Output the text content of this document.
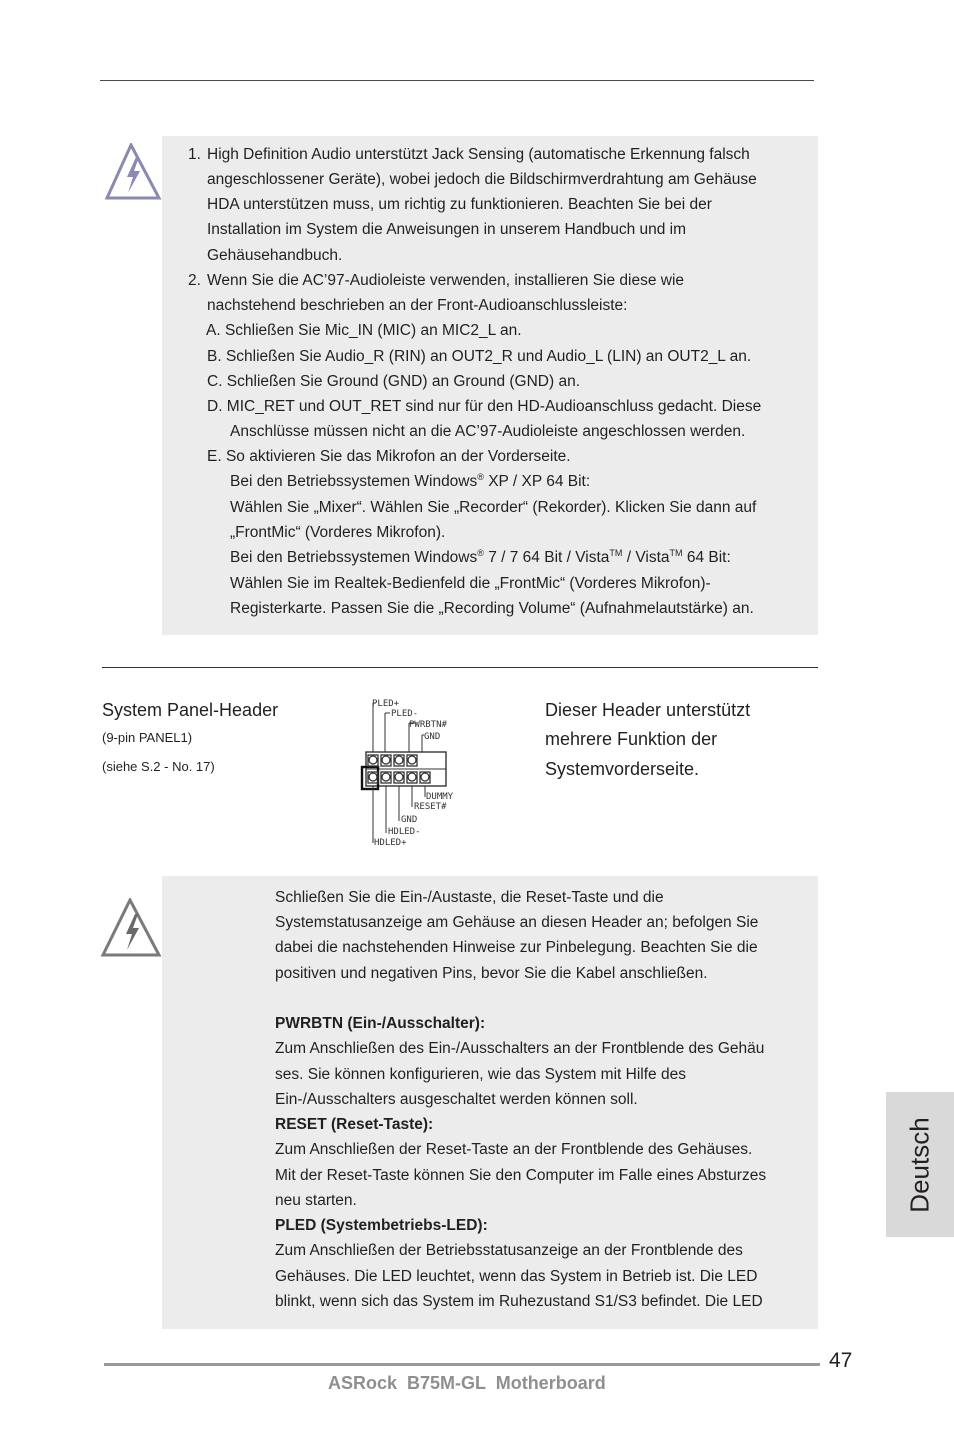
1. High Definition Audio unterstützt Jack Sensing (automatische Erkennung falsch
angeschlossener Geräte), wobei jedoch die Bildschirmverdrahtung am Gehäuse
HDA unterstützen muss, um richtig zu funktionieren. Beachten Sie bei der
Installation im System die Anweisungen in unserem Handbuch und im
Gehäusehandbuch.
2. Wenn Sie die AC’97-Audioleiste verwenden, installieren Sie diese wie
nachstehend beschrieben an der Front-Audioanschlussleiste:
A. Schließen Sie Mic_IN (MIC) an MIC2_L an.
B. Schließen Sie Audio_R (RIN) an OUT2_R und Audio_L (LIN) an OUT2_L an.
C. Schließen Sie Ground (GND) an Ground (GND) an.
D. MIC_RET und OUT_RET sind nur für den HD-Audioanschluss gedacht. Diese
Anschlüsse müssen nicht an die AC’97-Audioleiste angeschlossen werden.
E. So aktivieren Sie das Mikrofon an der Vorderseite.
Bei den Betriebssystemen Windows® XP / XP 64 Bit:
Wählen Sie „Mixer“. Wählen Sie „Recorder“ (Rekorder). Klicken Sie dann auf
„FrontMic“ (Vorderes Mikrofon).
Bei den Betriebssystemen Windows® 7 / 7 64 Bit / Vista™ / Vista™ 64 Bit:
Wählen Sie im Realtek-Bedienfeld die „FrontMic“ (Vorderes Mikrofon)-
Registerkarte. Passen Sie die „Recording Volume“ (Aufnahmelautstärke) an.
System Panel-Header
(9-pin PANEL1)
(siehe S.2 - No. 17)
PLED+
PLED-
PWRBTN#
GND
DUMMY
RESET#
GND
HDLED-
HDLED+
Dieser Header unterstützt
mehrere Funktion der
Systemvorderseite.
Schließen Sie die Ein-/Austaste, die Reset-Taste und die
Systemstatusanzeige am Gehäuse an diesen Header an; befolgen Sie
dabei die nachstehenden Hinweise zur Pinbelegung. Beachten Sie die
positiven und negativen Pins, bevor Sie die Kabel anschließen.
PWRBTN (Ein-/Ausschalter):
Zum Anschließen des Ein-/Ausschalters an der Frontblende des Gehäu
ses. Sie können konfigurieren, wie das System mit Hilfe des
Ein-/Ausschalters ausgeschaltet werden können soll.
RESET (Reset-Taste):
Zum Anschließen der Reset-Taste an der Frontblende des Gehäuses.
Mit der Reset-Taste können Sie den Computer im Falle eines Absturzes
neu starten.
PLED (Systembetriebs-LED):
Zum Anschließen der Betriebsstatusanzeige an der Frontblende des
Gehäuses. Die LED leuchtet, wenn das System in Betrieb ist. Die LED
blinkt, wenn sich das System im Ruhezustand S1/S3 befindet. Die LED
Deutsch
47
ASRock  B75M-GL  Motherboard
